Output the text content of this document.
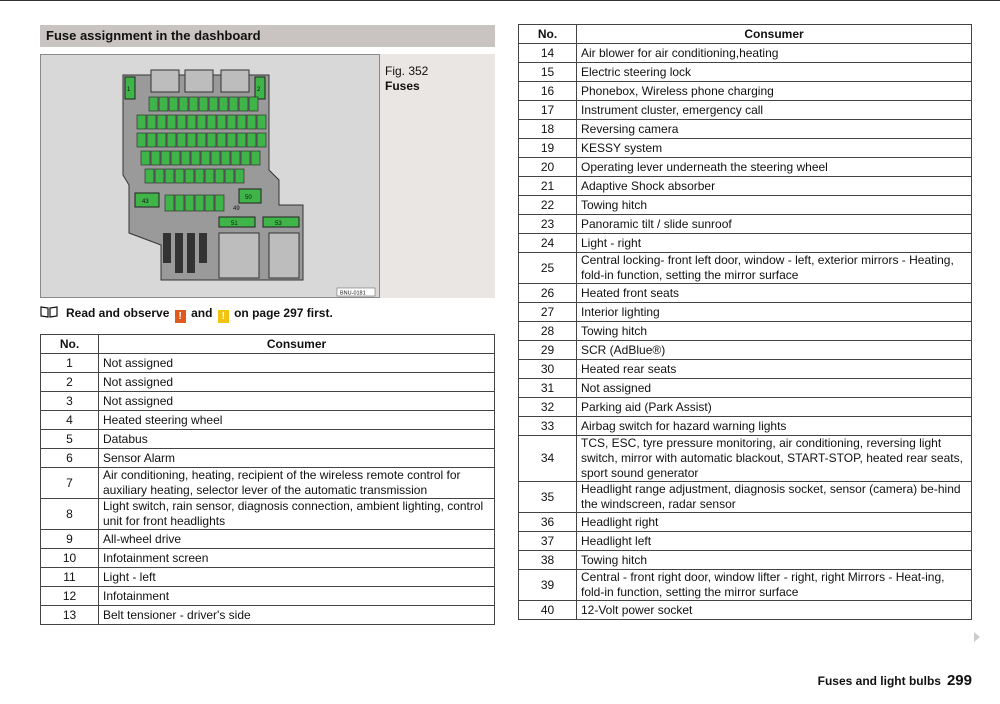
Fuse assignment in the dashboard
1	2
43
50
51	53
49
BNU-0181
Fig. 352
Fuses
Read and observe ! and ! on page 297 first.
No.	Consumer
1	Not assigned
2	Not assigned
3	Not assigned
4	Heated steering wheel
5	Databus
6	Sensor Alarm
7	Air conditioning, heating, recipient of the wireless remote control for auxiliary heating, selector lever of the automatic transmission
8	Light switch, rain sensor, diagnosis connection, ambient lighting, control unit for front headlights
9	All-wheel drive
10	Infotainment screen
11	Light - left
12	Infotainment
13	Belt tensioner - driver's side
No.	Consumer
14	Air blower for air conditioning,heating
15	Electric steering lock
16	Phonebox, Wireless phone charging
17	Instrument cluster, emergency call
18	Reversing camera
19	KESSY system
20	Operating lever underneath the steering wheel
21	Adaptive Shock absorber
22	Towing hitch
23	Panoramic tilt / slide sunroof
24	Light - right
25	Central locking- front left door, window - left, exterior mirrors - Heating, fold-in function, setting the mirror surface
26	Heated front seats
27	Interior lighting
28	Towing hitch
29	SCR (AdBlue®)
30	Heated rear seats
31	Not assigned
32	Parking aid (Park Assist)
33	Airbag switch for hazard warning lights
34	TCS, ESC, tyre pressure monitoring, air conditioning, reversing light switch, mirror with automatic blackout, START-STOP, heated rear seats, sport sound generator
35	Headlight range adjustment, diagnosis socket, sensor (camera) be-hind the windscreen, radar sensor
36	Headlight right
37	Headlight left
38	Towing hitch
39	Central - front right door, window lifter - right, right Mirrors - Heat-ing, fold-in function, setting the mirror surface
40	12-Volt power socket
Fuses and light bulbs 299
